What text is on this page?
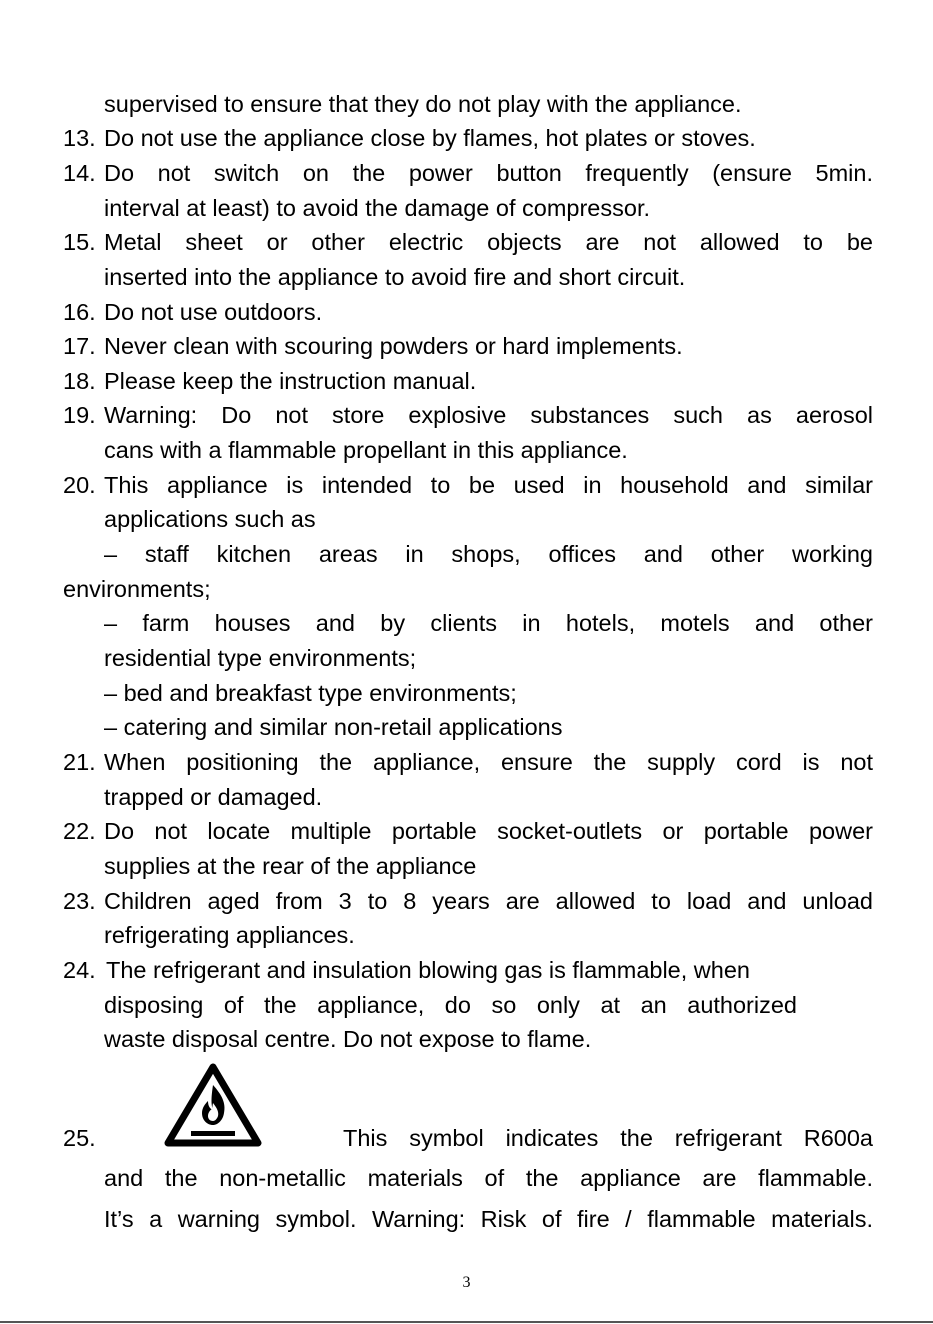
supervised to ensure that they do not play with the appliance.
13. Do not use the appliance close by flames, hot plates or stoves.
14. Do not switch on the power button frequently (ensure 5min.
interval at least) to avoid the damage of compressor.
15. Metal sheet or other electric objects are not allowed to be
inserted into the appliance to avoid fire and short circuit.
16. Do not use outdoors.
17. Never clean with scouring powders or hard implements.
18. Please keep the instruction manual.
19. Warning: Do not store explosive substances such as aerosol
cans with a flammable propellant in this appliance.
20. This appliance is intended to be used in household and similar
applications such as
– staff kitchen areas in shops, offices and other working
environments;
– farm houses and by clients in hotels, motels and other
residential type environments;
– bed and breakfast type environments;
– catering and similar non-retail applications
21. When positioning the appliance, ensure the supply cord is not
trapped or damaged.
22. Do not locate multiple portable socket-outlets or portable power
supplies at the rear of the appliance
23. Children aged from 3 to 8 years are allowed to load and unload
refrigerating appliances.
24. The refrigerant and insulation blowing gas is flammable, when
disposing of the appliance, do so only at an authorized
waste disposal centre. Do not expose to flame.
25.	This symbol indicates the refrigerant R600a
and the non-metallic materials of the appliance are flammable.
It’s a warning symbol. Warning: Risk of fire / flammable materials.
3
